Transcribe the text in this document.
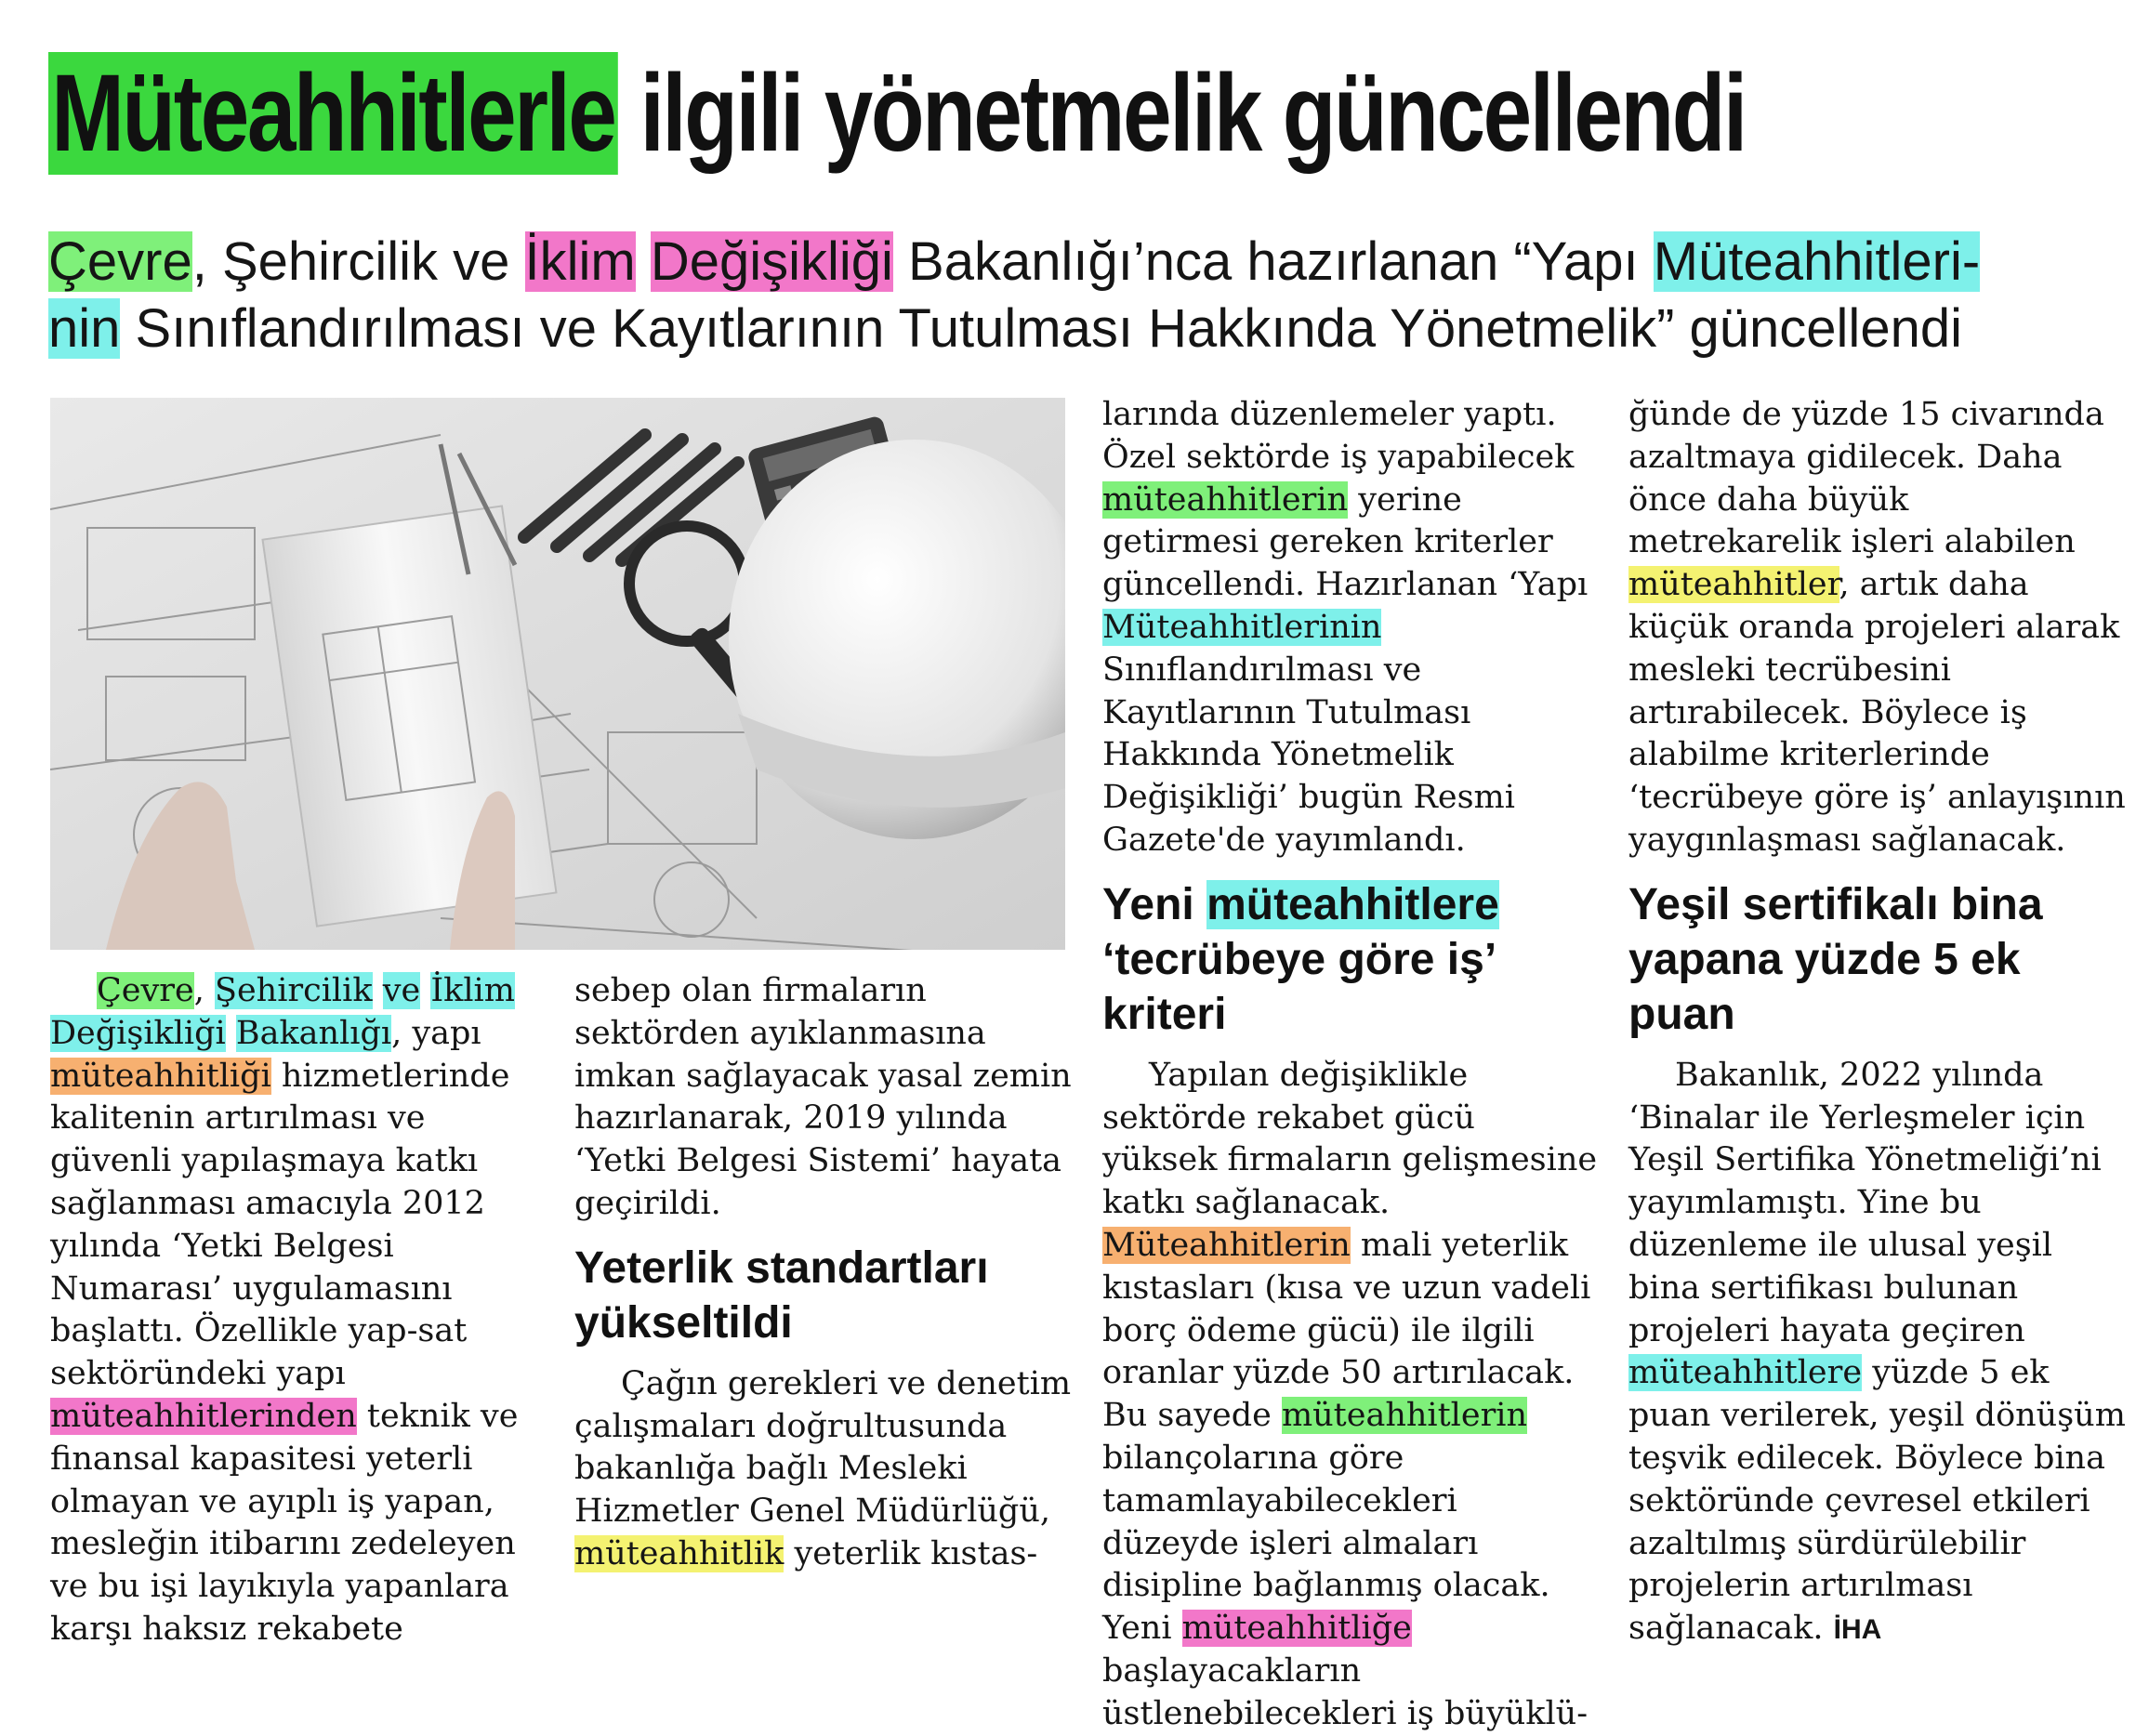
Müteahhitlerle ilgili yönetmelik güncellendi
Çevre, Şehircilik ve İklim Değişikliği Bakanlığı’nca hazırlanan “Yapı Müteahhitleri-
nin Sınıflandırılması ve Kayıtlarının Tutulması Hakkında Yönetmelik” güncellendi

Çevre, Şehircilik ve İklim Değişikliği Bakanlığı, yapı müteahhitliği hizmetlerinde kalitenin artırılması ve güvenli yapılaşmaya katkı sağlanması amacıyla 2012 yılında ‘Yetki Belgesi Numarası’ uygulamasını başlattı. Özellikle yap-sat sektöründeki yapı müteahhitlerinden teknik ve finansal kapasitesi yeterli olmayan ve ayıplı iş yapan, mesleğin itibarını zedeleyen ve bu işi layıkıyla yapanlara karşı haksız rekabete

sebep olan firmaların sektörden ayıklanmasına imkan sağlayacak yasal zemin hazırlanarak, 2019 yılında ‘Yetki Belgesi Sistemi’ hayata geçirildi.

Yeterlik standartları yükseltildi

Çağın gerekleri ve denetim çalışmaları doğrultusunda bakanlığa bağlı Mesleki Hizmetler Genel Müdürlüğü, müteahhitlik yeterlik kıstas-

larında düzenlemeler yaptı. Özel sektörde iş yapabilecek müteahhitlerin yerine getirmesi gereken kriterler güncellendi. Hazırlanan ‘Yapı Müteahhitlerinin Sınıflandırılması ve Kayıtlarının Tutulması Hakkında Yönetmelik Değişikliği’ bugün Resmi Gazete'de yayımlandı.

Yeni müteahhitlere ‘tecrübeye göre iş’ kriteri

Yapılan değişiklikle sektörde rekabet gücü yüksek firmaların gelişmesine katkı sağlanacak. Müteahhitlerin mali yeterlik kıstasları (kısa ve uzun vadeli borç ödeme gücü) ile ilgili oranlar yüzde 50 artırılacak. Bu sayede müteahhitlerin bilançolarına göre tamamlayabilecekleri düzeyde işleri almaları disipline bağlanmış olacak. Yeni müteahhitliğe başlayacakların üstlenebilecekleri iş büyüklü-

ğünde de yüzde 15 civarında azaltmaya gidilecek. Daha önce daha büyük metrekarelik işleri alabilen müteahhitler, artık daha küçük oranda projeleri alarak mesleki tecrübesini artırabilecek. Böylece iş alabilme kriterlerinde ‘tecrübeye göre iş’ anlayışının yaygınlaşması sağlanacak.

Yeşil sertifikalı bina yapana yüzde 5 ek puan

Bakanlık, 2022 yılında ‘Binalar ile Yerleşmeler için Yeşil Sertifika Yönetmeliği’ni yayımlamıştı. Yine bu düzenleme ile ulusal yeşil bina sertifikası bulunan projeleri hayata geçiren müteahhitlere yüzde 5 ek puan verilerek, yeşil dönüşüm teşvik edilecek. Böylece bina sektöründe çevresel etkileri azaltılmış sürdürülebilir projelerin artırılması sağlanacak. İHA
